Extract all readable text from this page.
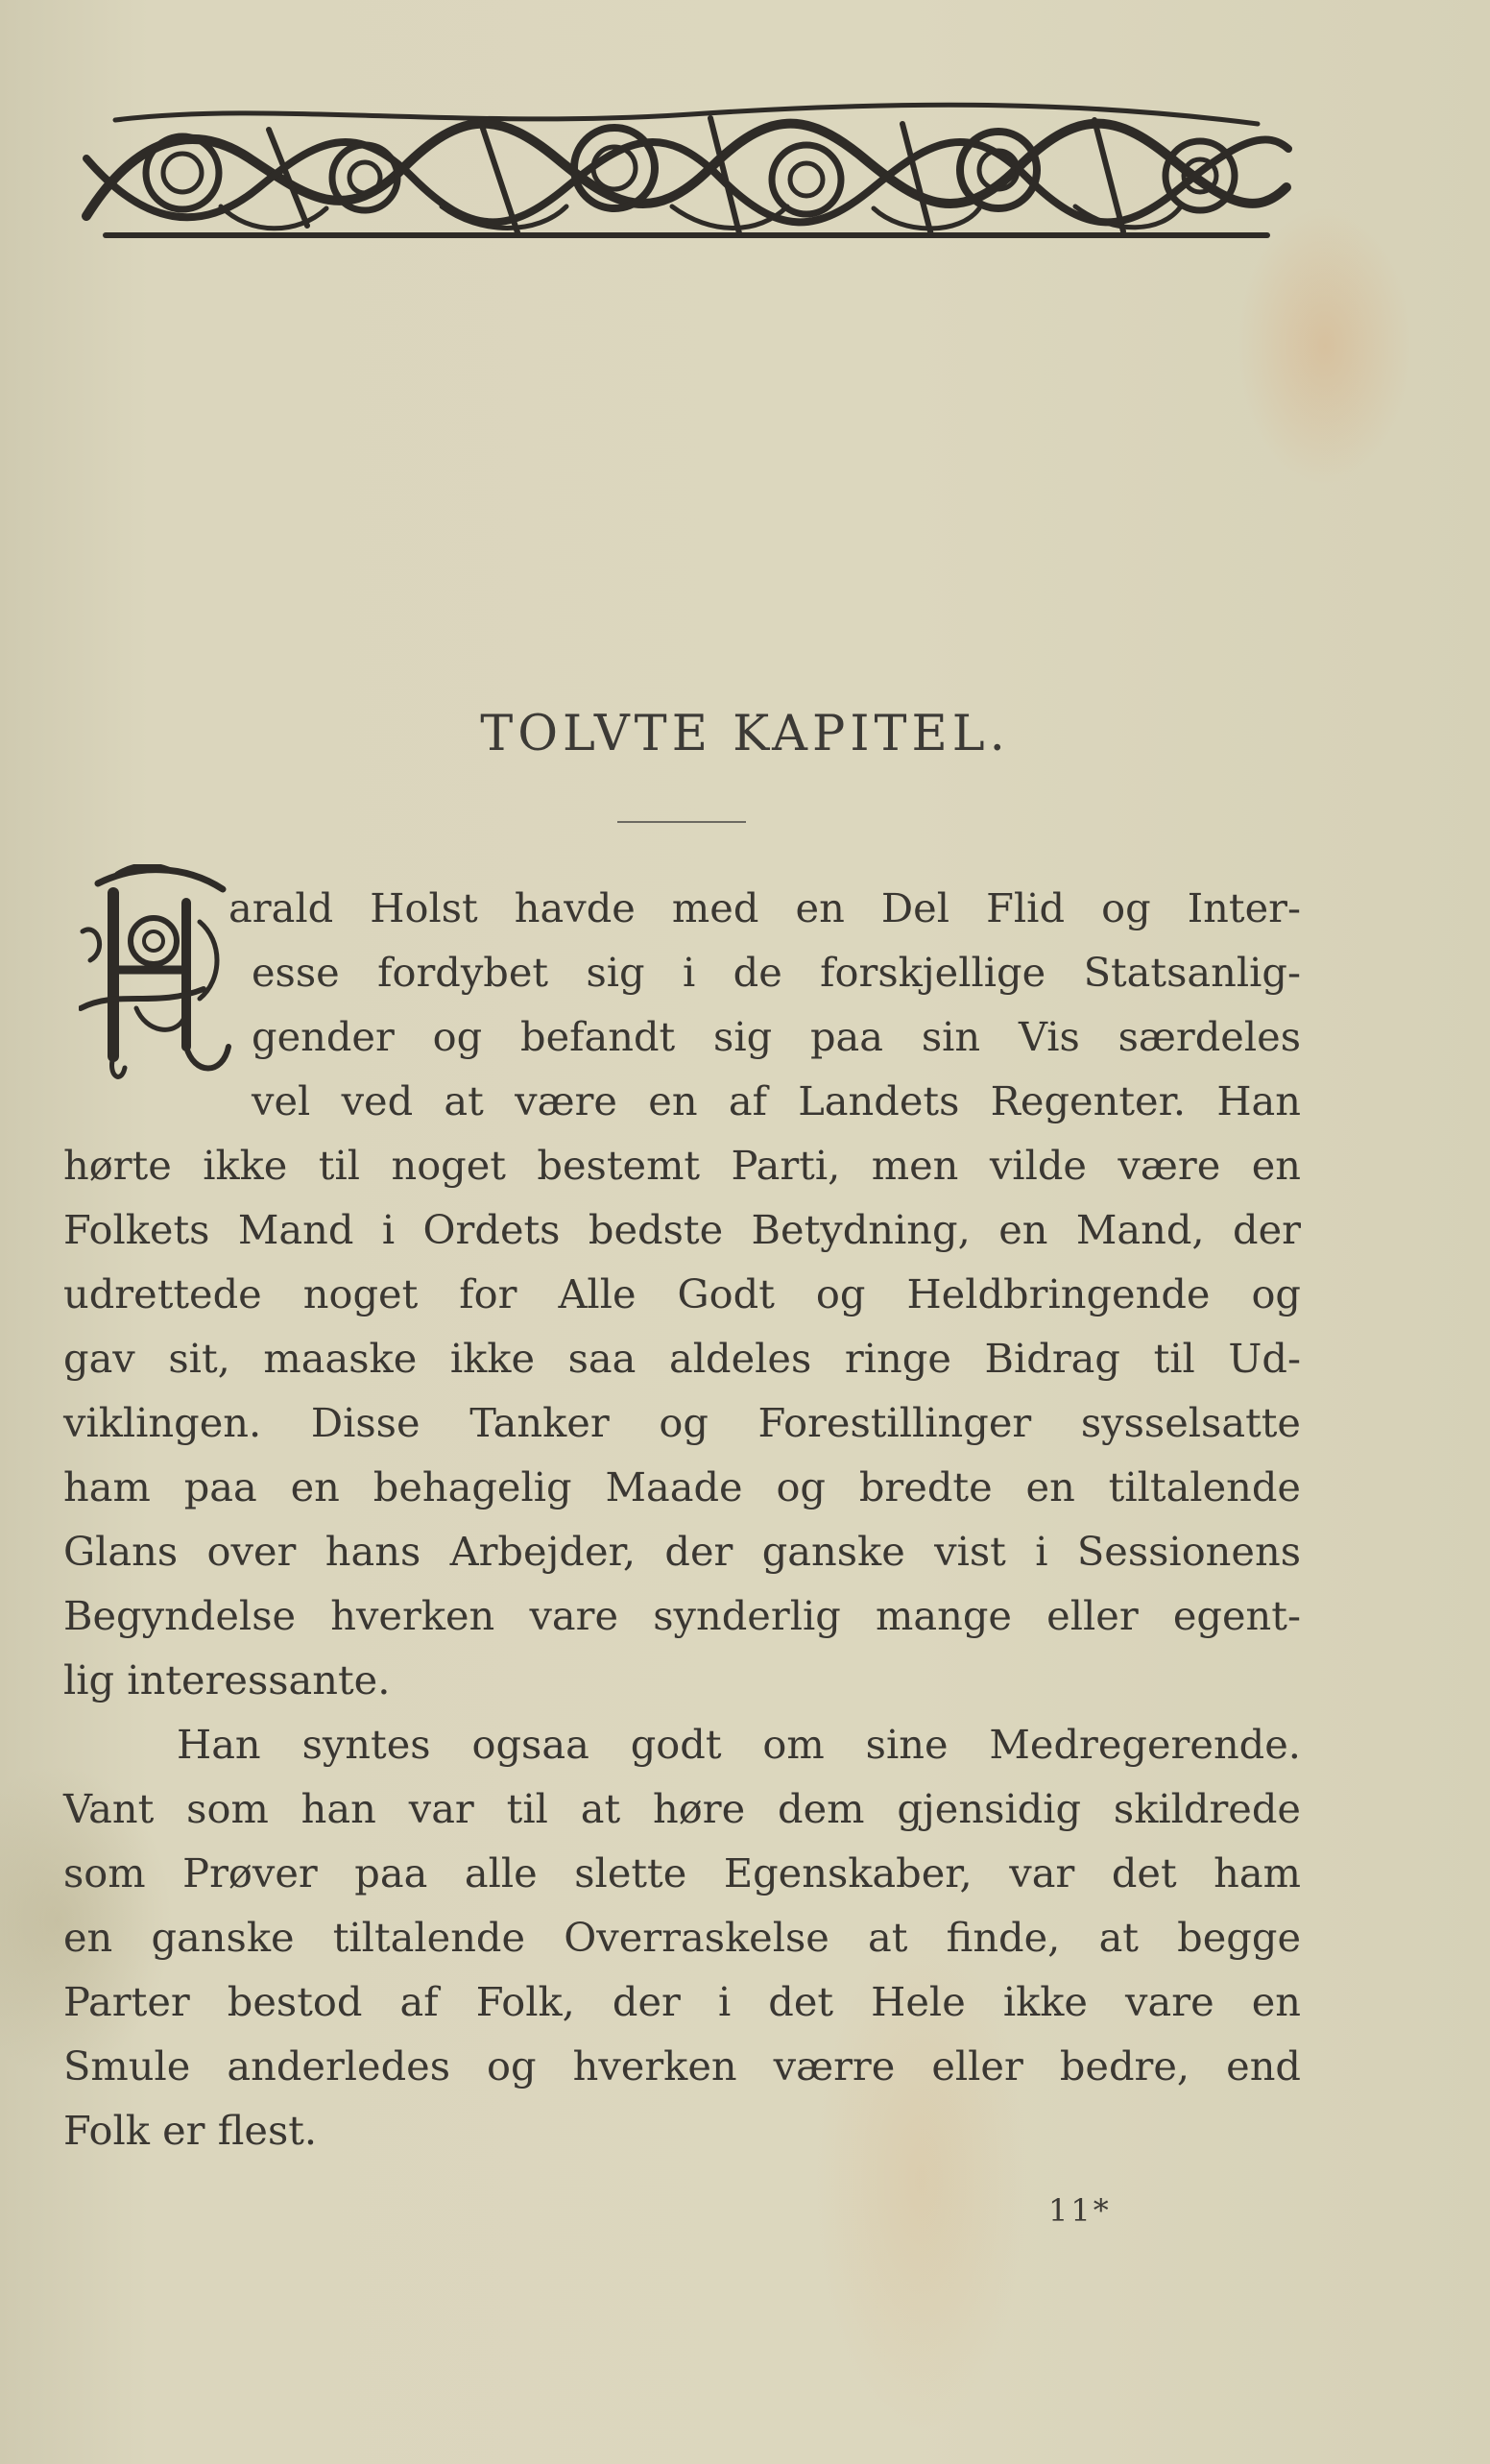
TOLVTE KAPITEL.
arald Holst havde med en Del Flid og Inter-
esse fordybet sig i de forskjellige Statsanlig-
gender og befandt sig paa sin Vis særdeles
vel ved at være en af Landets Regenter. Han
hørte ikke til noget bestemt Parti, men vilde være en
Folkets Mand i Ordets bedste Betydning, en Mand, der
udrettede noget for Alle Godt og Heldbringende og
gav sit, maaske ikke saa aldeles ringe Bidrag til Ud-
viklingen. Disse Tanker og Forestillinger sysselsatte
ham paa en behagelig Maade og bredte en tiltalende
Glans over hans Arbejder, der ganske vist i Sessionens
Begyndelse hverken vare synderlig mange eller egent-
lig interessante.
Han syntes ogsaa godt om sine Medregerende.
Vant som han var til at høre dem gjensidig skildrede
som Prøver paa alle slette Egenskaber, var det ham
en ganske tiltalende Overraskelse at finde, at begge
Parter bestod af Folk, der i det Hele ikke vare en
Smule anderledes og hverken værre eller bedre, end
Folk er flest.
11*
